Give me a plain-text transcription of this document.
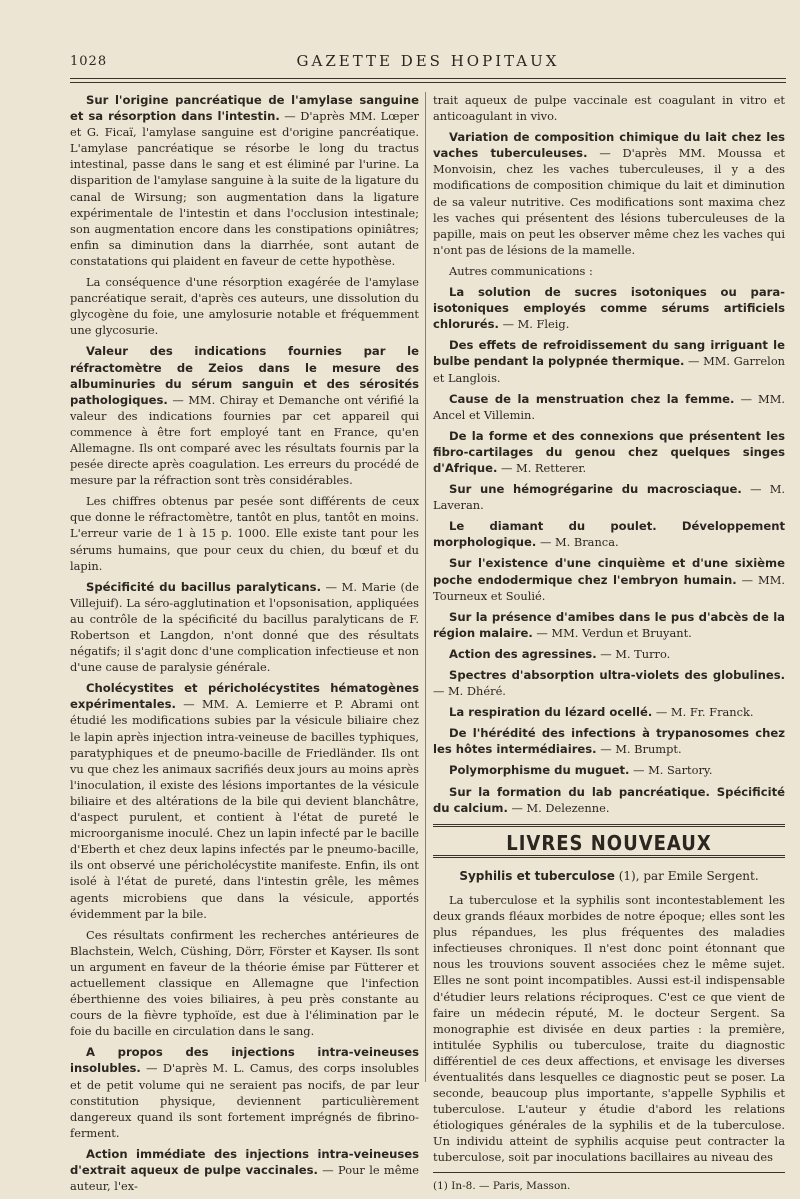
1028	GAZETTE DES HOPITAUX

Sur l'origine pancréatique de l'amylase sanguine et sa résorption dans l'intestin. — D'après MM. Lœper et G. Ficaï, l'amylase sanguine est d'origine pancréatique. L'amylase pancréatique se résorbe le long du tractus intestinal, passe dans le sang et est éliminé par l'urine. La disparition de l'amylase sanguine à la suite de la ligature du canal de Wirsung; son augmentation dans la ligature expérimentale de l'intestin et dans l'occlusion intestinale; son augmentation encore dans les constipations opiniâtres; enfin sa diminution dans la diarrhée, sont autant de constatations qui plaident en faveur de cette hypothèse.

La conséquence d'une résorption exagérée de l'amylase pancréatique serait, d'après ces auteurs, une dissolution du glycogène du foie, une amylosurie notable et fréquemment une glycosurie.

Valeur des indications fournies par le réfractomètre de Zeios dans le mesure des albuminuries du sérum sanguin et des sérosités pathologiques. — MM. Chiray et Demanche ont vérifié la valeur des indications fournies par cet appareil qui commence à être fort employé tant en France, qu'en Allemagne. Ils ont comparé avec les résultats fournis par la pesée directe après coagulation. Les erreurs du procédé de mesure par la réfraction sont très considérables.

Les chiffres obtenus par pesée sont différents de ceux que donne le réfractomètre, tantôt en plus, tantôt en moins. L'erreur varie de 1 à 15 p. 1000. Elle existe tant pour les sérums humains, que pour ceux du chien, du bœuf et du lapin.

Spécificité du bacillus paralyticans. — M. Marie (de Villejuif). La séro-agglutination et l'opsonisation, appliquées au contrôle de la spécificité du bacillus paralyticans de F. Robertson et Langdon, n'ont donné que des résultats négatifs; il s'agit donc d'une complication infectieuse et non d'une cause de paralysie générale.

Cholécystites et péricholécystites hématogènes expérimentales. — MM. A. Lemierre et P. Abrami ont étudié les modifications subies par la vésicule biliaire chez le lapin après injection intra-veineuse de bacilles typhiques, paratyphiques et de pneumo-bacille de Friedländer. Ils ont vu que chez les animaux sacrifiés deux jours au moins après l'inoculation, il existe des lésions importantes de la vésicule biliaire et des altérations de la bile qui devient blanchâtre, d'aspect purulent, et contient à l'état de pureté le microorganisme inoculé. Chez un lapin infecté par le bacille d'Eberth et chez deux lapins infectés par le pneumo-bacille, ils ont observé une péricholécystite manifeste. Enfin, ils ont isolé à l'état de pureté, dans l'intestin grêle, les mêmes agents microbiens que dans la vésicule, apportés évidemment par la bile.

Ces résultats confirment les recherches antérieures de Blachstein, Welch, Cüshing, Dörr, Förster et Kayser. Ils sont un argument en faveur de la théorie émise par Fütterer et actuellement classique en Allemagne que l'infection éberthienne des voies biliaires, à peu près constante au cours de la fièvre typhoïde, est due à l'élimination par le foie du bacille en circulation dans le sang.

A propos des injections intra-veineuses insolubles. — D'après M. L. Camus, des corps insolubles et de petit volume qui ne seraient pas nocifs, de par leur constitution physique, deviennent particulièrement dangereux quand ils sont fortement imprégnés de fibrino-ferment.

Action immédiate des injections intra-veineuses d'extrait aqueux de pulpe vaccinales. — Pour le même auteur, l'ex-

trait aqueux de pulpe vaccinale est coagulant in vitro et anticoagulant in vivo.

Variation de composition chimique du lait chez les vaches tuberculeuses. — D'après MM. Moussa et Monvoisin, chez les vaches tuberculeuses, il y a des modifications de composition chimique du lait et diminution de sa valeur nutritive. Ces modifications sont maxima chez les vaches qui présentent des lésions tuberculeuses de la papille, mais on peut les observer même chez les vaches qui n'ont pas de lésions de la mamelle.

Autres communications :

La solution de sucres isotoniques ou para-isotoniques employés comme sérums artificiels chlorurés. — M. Fleig.

Des effets de refroidissement du sang irriguant le bulbe pendant la polypnée thermique. — MM. Garrelon et Langlois.

Cause de la menstruation chez la femme. — MM. Ancel et Villemin.

De la forme et des connexions que présentent les fibro-cartilages du genou chez quelques singes d'Afrique. — M. Retterer.

Sur une hémogrégarine du macrosciaque. — M. Laveran.

Le diamant du poulet. Développement morphologique. — M. Branca.

Sur l'existence d'une cinquième et d'une sixième poche endodermique chez l'embryon humain. — MM. Tourneux et Soulié.

Sur la présence d'amibes dans le pus d'abcès de la région malaire. — MM. Verdun et Bruyant.

Action des agressines. — M. Turro.

Spectres d'absorption ultra-violets des globulines. — M. Dhéré.

La respiration du lézard ocellé. — M. Fr. Franck.

De l'hérédité des infections à trypanosomes chez les hôtes intermédiaires. — M. Brumpt.

Polymorphisme du muguet. — M. Sartory.

Sur la formation du lab pancréatique. Spécificité du calcium. — M. Delezenne.

LIVRES NOUVEAUX
Syphilis et tuberculose (1), par Emile Sergent.

La tuberculose et la syphilis sont incontestablement les deux grands fléaux morbides de notre époque; elles sont les plus répandues, les plus fréquentes des maladies infectieuses chroniques. Il n'est donc point étonnant que nous les trouvions souvent associées chez le même sujet. Elles ne sont point incompatibles. Aussi est-il indispensable d'étudier leurs relations réciproques. C'est ce que vient de faire un médecin réputé, M. le docteur Sergent. Sa monographie est divisée en deux parties : la première, intitulée Syphilis ou tuberculose, traite du diagnostic différentiel de ces deux affections, et envisage les diverses éventualités dans lesquelles ce diagnostic peut se poser. La seconde, beaucoup plus importante, s'appelle Syphilis et tuberculose. L'auteur y étudie d'abord les relations étiologiques générales de la syphilis et de la tuberculose. Un individu atteint de syphilis acquise peut contracter la tuberculose, soit par inoculations bacillaires au niveau des

(1) In-8. — Paris, Masson.
